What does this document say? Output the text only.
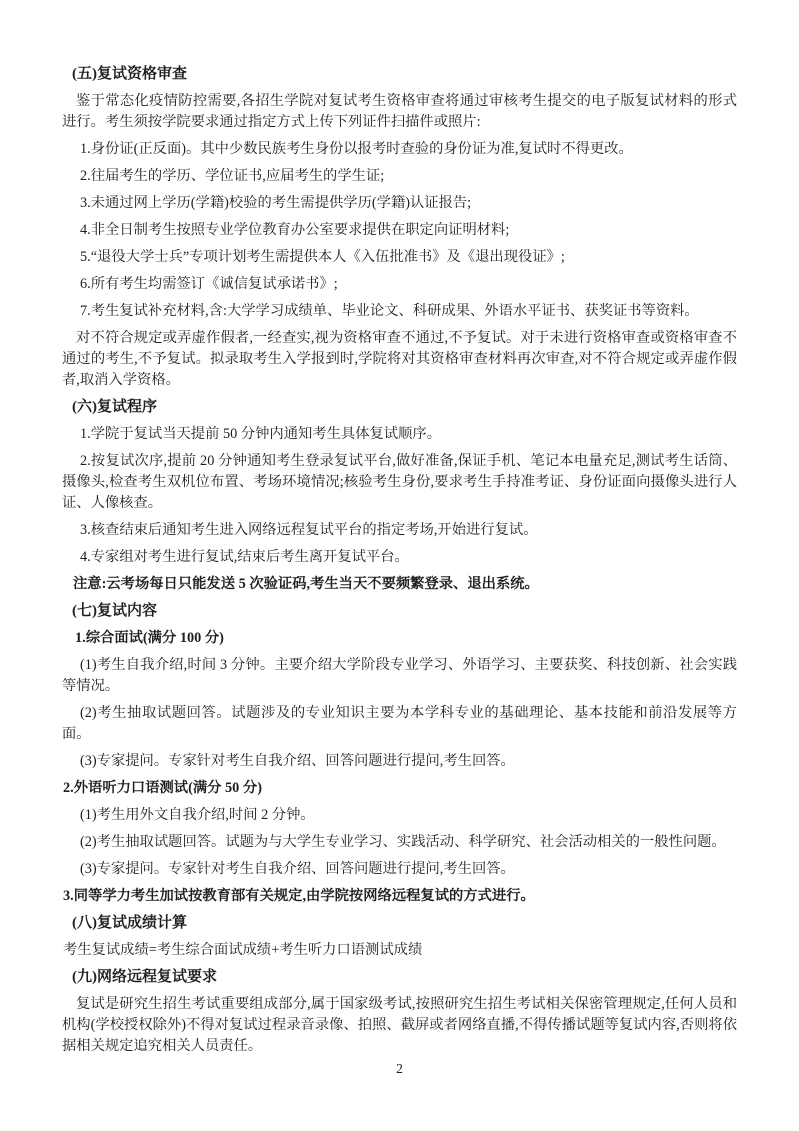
(五)复试资格审查

鉴于常态化疫情防控需要,各招生学院对复试考生资格审查将通过审核考生提交的电子版复试材料的形式进行。考生须按学院要求通过指定方式上传下列证件扫描件或照片:

1.身份证(正反面)。其中少数民族考生身份以报考时查验的身份证为准,复试时不得更改。

2.往届考生的学历、学位证书,应届考生的学生证;

3.未通过网上学历(学籍)校验的考生需提供学历(学籍)认证报告;

4.非全日制考生按照专业学位教育办公室要求提供在职定向证明材料;

5.“退役大学士兵”专项计划考生需提供本人《入伍批准书》及《退出现役证》;

6.所有考生均需签订《诚信复试承诺书》;

7.考生复试补充材料,含:大学学习成绩单、毕业论文、科研成果、外语水平证书、获奖证书等资料。

对不符合规定或弄虚作假者,一经查实,视为资格审查不通过,不予复试。对于未进行资格审查或资格审查不通过的考生,不予复试。拟录取考生入学报到时,学院将对其资格审查材料再次审查,对不符合规定或弄虚作假者,取消入学资格。

(六)复试程序

1.学院于复试当天提前 50 分钟内通知考生具体复试顺序。

2.按复试次序,提前 20 分钟通知考生登录复试平台,做好准备,保证手机、笔记本电量充足,测试考生话筒、摄像头,检查考生双机位布置、考场环境情况;核验考生身份,要求考生手持准考证、身份证面向摄像头进行人证、人像核查。

3.核查结束后通知考生进入网络远程复试平台的指定考场,开始进行复试。

4.专家组对考生进行复试,结束后考生离开复试平台。

注意:云考场每日只能发送 5 次验证码,考生当天不要频繁登录、退出系统。

(七)复试内容

1.综合面试(满分 100 分)

(1)考生自我介绍,时间 3 分钟。主要介绍大学阶段专业学习、外语学习、主要获奖、科技创新、社会实践等情况。

(2)考生抽取试题回答。试题涉及的专业知识主要为本学科专业的基础理论、基本技能和前沿发展等方面。

(3)专家提问。专家针对考生自我介绍、回答问题进行提问,考生回答。

2.外语听力口语测试(满分 50 分)

(1)考生用外文自我介绍,时间 2 分钟。

(2)考生抽取试题回答。试题为与大学生专业学习、实践活动、科学研究、社会活动相关的一般性问题。

(3)专家提问。专家针对考生自我介绍、回答问题进行提问,考生回答。

3.同等学力考生加试按教育部有关规定,由学院按网络远程复试的方式进行。

(八)复试成绩计算

考生复试成绩=考生综合面试成绩+考生听力口语测试成绩

(九)网络远程复试要求

复试是研究生招生考试重要组成部分,属于国家级考试,按照研究生招生考试相关保密管理规定,任何人员和机构(学校授权除外)不得对复试过程录音录像、拍照、截屏或者网络直播,不得传播试题等复试内容,否则将依据相关规定追究相关人员责任。

2
